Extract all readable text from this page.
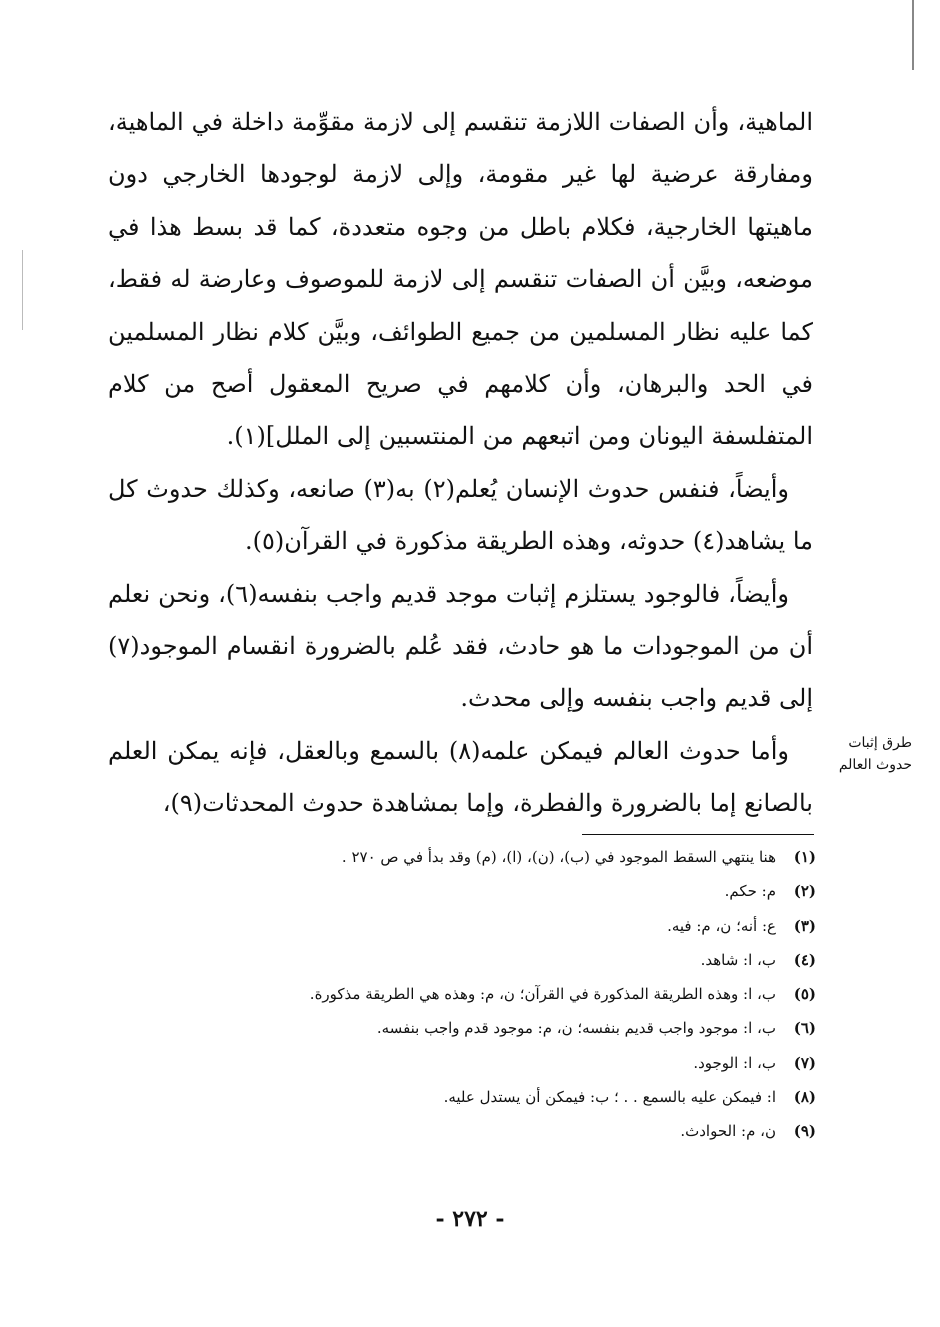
الماهية، وأن الصفات اللازمة تنقسم إلى لازمة مقوِّمة داخلة في الماهية، ومفارقة عرضية لها غير مقومة، وإلى لازمة لوجودها الخارجي دون ماهيتها الخارجية، فكلام باطل من وجوه متعددة، كما قد بسط هذا في موضعه، وبيَّن أن الصفات تنقسم إلى لازمة للموصوف وعارضة له فقط، كما عليه نظار المسلمين من جميع الطوائف، وبيَّن كلام نظار المسلمين في الحد والبرهان، وأن كلامهم في صريح المعقول أصح من كلام المتفلسفة اليونان ومن اتبعهم من المنتسبين إلى الملل](١).

وأيضاً، فنفس حدوث الإنسان يُعلم(٢) به(٣) صانعه، وكذلك حدوث كل ما يشاهد(٤) حدوثه، وهذه الطريقة مذكورة في القرآن(٥).

وأيضاً، فالوجود يستلزم إثبات موجد قديم واجب بنفسه(٦)، ونحن نعلم أن من الموجودات ما هو حادث، فقد عُلم بالضرورة انقسام الموجود(٧) إلى قديم واجب بنفسه وإلى محدث.

وأما حدوث العالم فيمكن علمه(٨) بالسمع وبالعقل، فإنه يمكن العلم بالصانع إما بالضرورة والفطرة، وإما بمشاهدة حدوث المحدثات(٩)،

طرق إثبات
حدوث العالم
(١)هنا ينتهي السقط الموجود في (ب)، (ن)، (ا)، (م) وقد بدأ في ص ٢٧٠ .
(٢)م: حكم.
(٣)ع: أنه؛ ن، م: فيه.
(٤)ب، ا: شاهد.
(٥)ب، ا: وهذه الطريقة المذكورة في القرآن؛ ن، م: وهذه هي الطريقة مذكورة.
(٦)ب، ا: موجود واجب قديم بنفسه؛ ن، م: موجود قدم واجب بنفسه.
(٧)ب، ا: الوجود.
(٨)ا: فيمكن عليه بالسمع . . ؛ ب: فيمكن أن يستدل عليه.
(٩)ن، م: الحوادث.
- ٢٧٢ -
